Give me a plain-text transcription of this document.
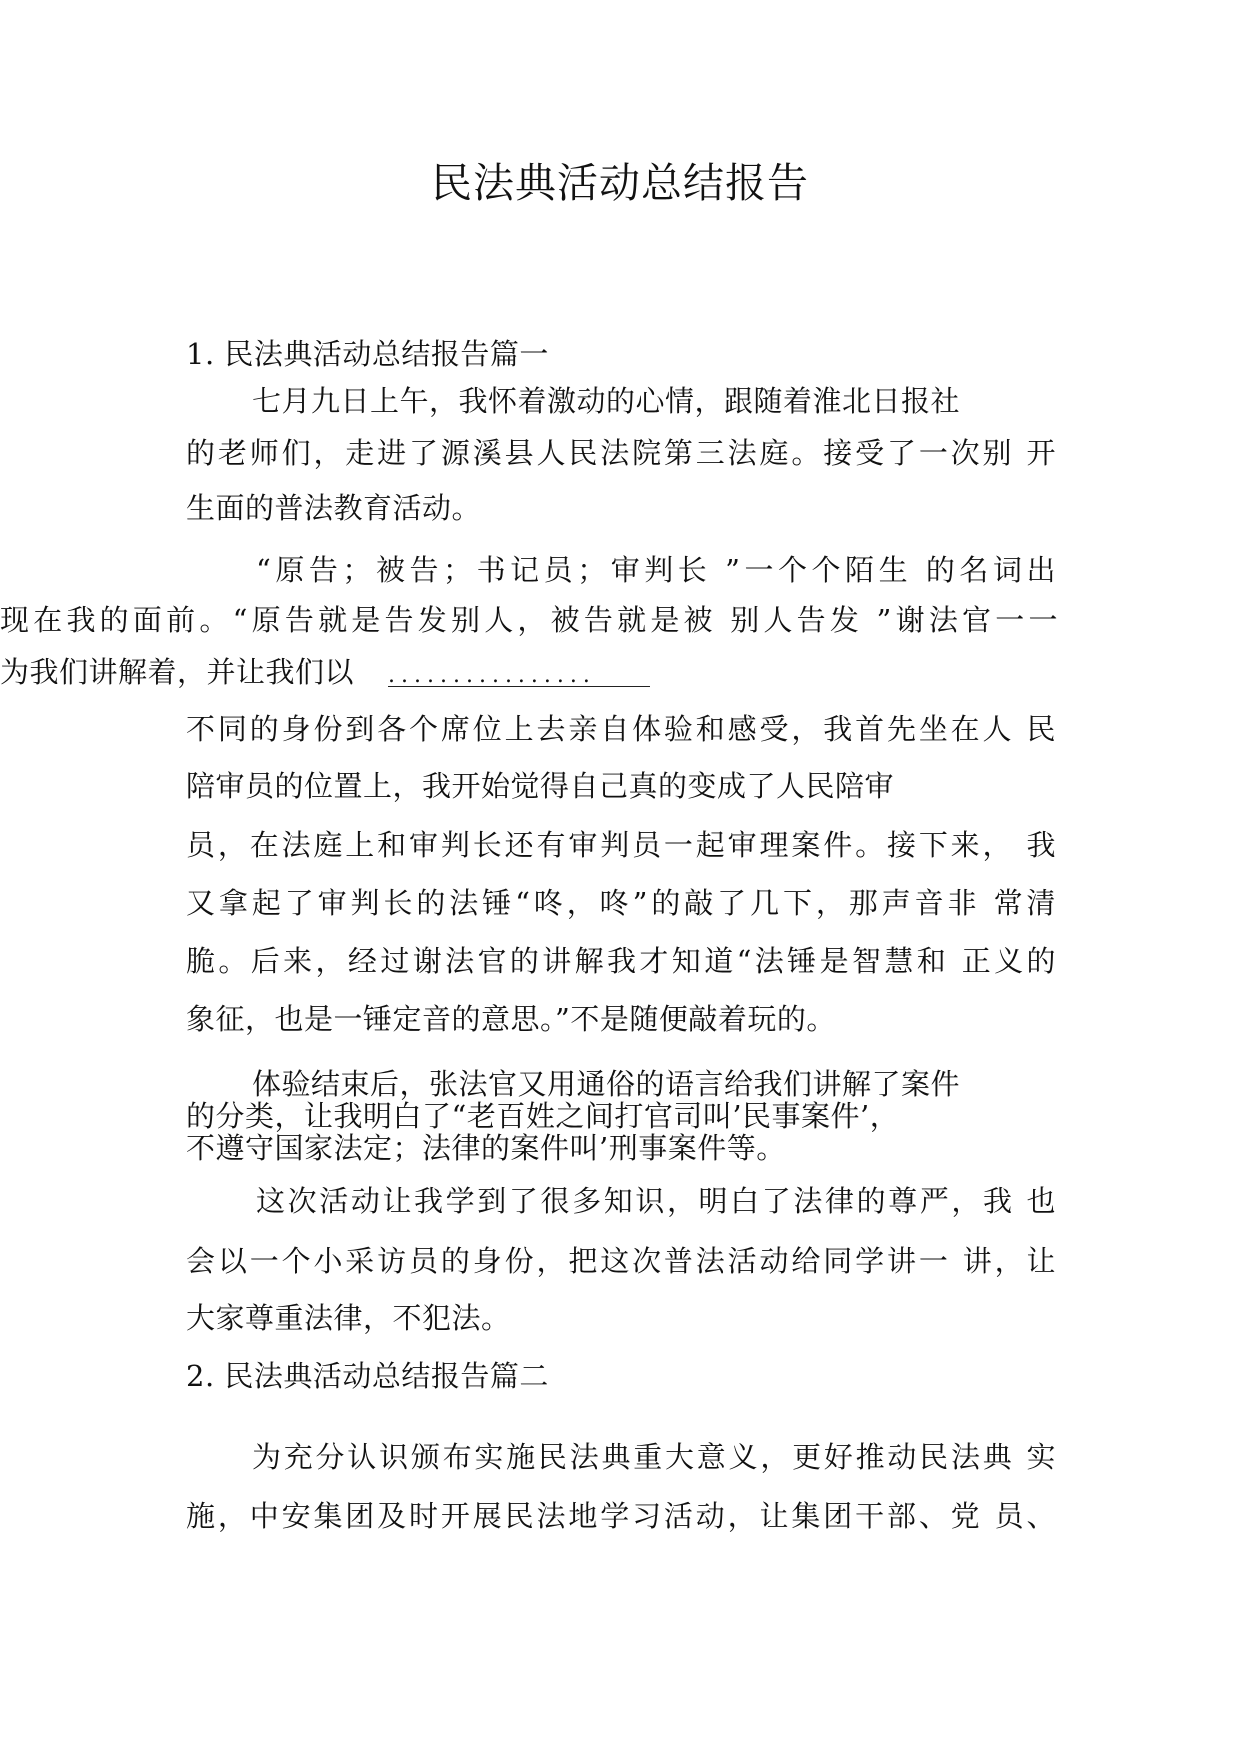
民法典活动总结报告
1. 民法典活动总结报告篇一
七月九日上午，我怀着激动的心情，跟随着淮北日报社
的老师们，走进了源溪县人民法院第三法庭。接受了一次别 开
生面的普法教育活动。
“原告；被告；书记员；审判长 ”一个个陌生 的名词出
现在我的面前。“原告就是告发别人，被告就是被 别人告发 ”谢法官一一
为我们讲解着，并让我们以 ................
不同的身份到各个席位上去亲自体验和感受，我首先坐在人 民
陪审员的位置上，我开始觉得自己真的变成了人民陪审
员，在法庭上和审判长还有审判员一起审理案件。接下来， 我
又拿起了审判长的法锤“咚，咚”的敲了几下，那声音非 常清
脆。后来，经过谢法官的讲解我才知道“法锤是智慧和 正义的
象征，也是一锤定音的意思。”不是随便敲着玩的。
体验结束后，张法官又用通俗的语言给我们讲解了案件
的分类，让我明白了“老百姓之间打官司叫’民事案件’，
不遵守国家法定；法律的案件叫’刑事案件等。
这次活动让我学到了很多知识，明白了法律的尊严，我 也
会以一个小采访员的身份，把这次普法活动给同学讲一 讲，让
大家尊重法律，不犯法。
2. 民法典活动总结报告篇二
为充分认识颁布实施民法典重大意义，更好推动民法典 实
施，中安集团及时开展民法地学习活动，让集团干部、党 员、
